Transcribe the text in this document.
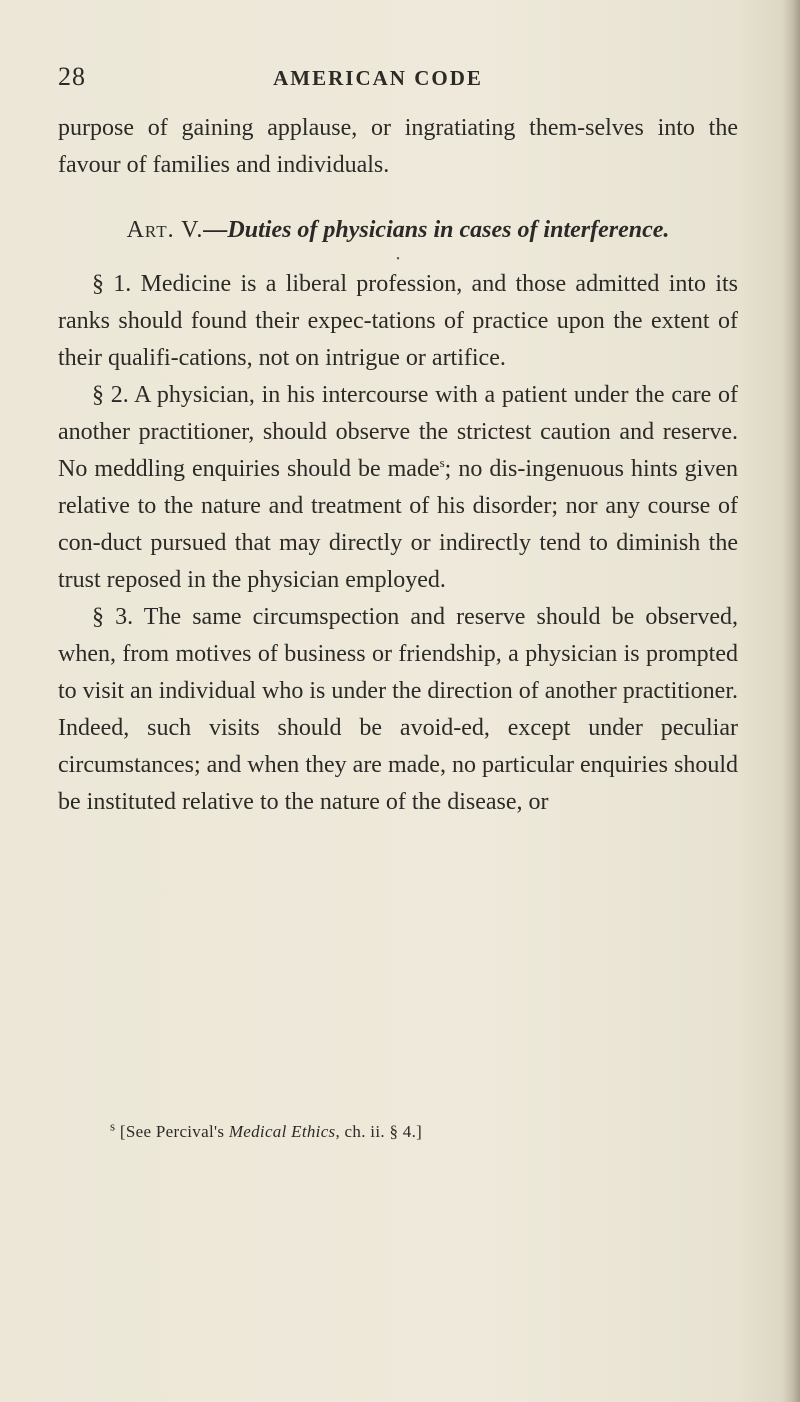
28	AMERICAN CODE

purpose of gaining applause, or ingratiating them-selves into the favour of families and individuals.

Art. V.—Duties of physicians in cases of interference.

•

§ 1. Medicine is a liberal profession, and those admitted into its ranks should found their expec-tations of practice upon the extent of their qualifi-cations, not on intrigue or artifice.

§ 2. A physician, in his intercourse with a patient under the care of another practitioner, should observe the strictest caution and reserve. No meddling enquiries should be made$^s$; no dis-ingenuous hints given relative to the nature and treatment of his disorder; nor any course of con-duct pursued that may directly or indirectly tend to diminish the trust reposed in the physician employed.

§ 3. The same circumspection and reserve should be observed, when, from motives of business or friendship, a physician is prompted to visit an individual who is under the direction of another practitioner. Indeed, such visits should be avoid-ed, except under peculiar circumstances; and when they are made, no particular enquiries should be instituted relative to the nature of the disease, or

$^s$ [See Percival's Medical Ethics, ch. ii. § 4.]
